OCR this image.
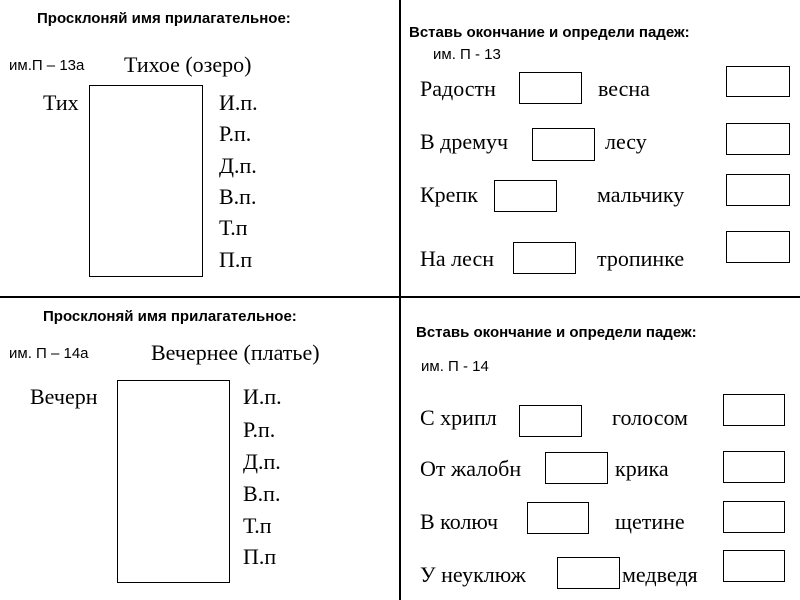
Просклоняй имя прилагательное:
им.П – 13а Тихое (озеро)
Тих	И.п.
Р.п.
Д.п.
В.п.
Т.п
П.п
Вставь окончание и определи падеж:
им. П - 13
Радостн	весна
В дремуч	лесу
Крепк	мальчику
На лесн	тропинке
Просклоняй имя прилагательное:
им. П – 14а	Вечернее (платье)
Вечерн	И.п.
Р.п.
Д.п.
В.п.
Т.п
П.п
Вставь окончание и определи падеж:
им. П - 14
С хрипл	голосом
От жалобн	крика
В колюч	щетине
У неуклюж	медведя
